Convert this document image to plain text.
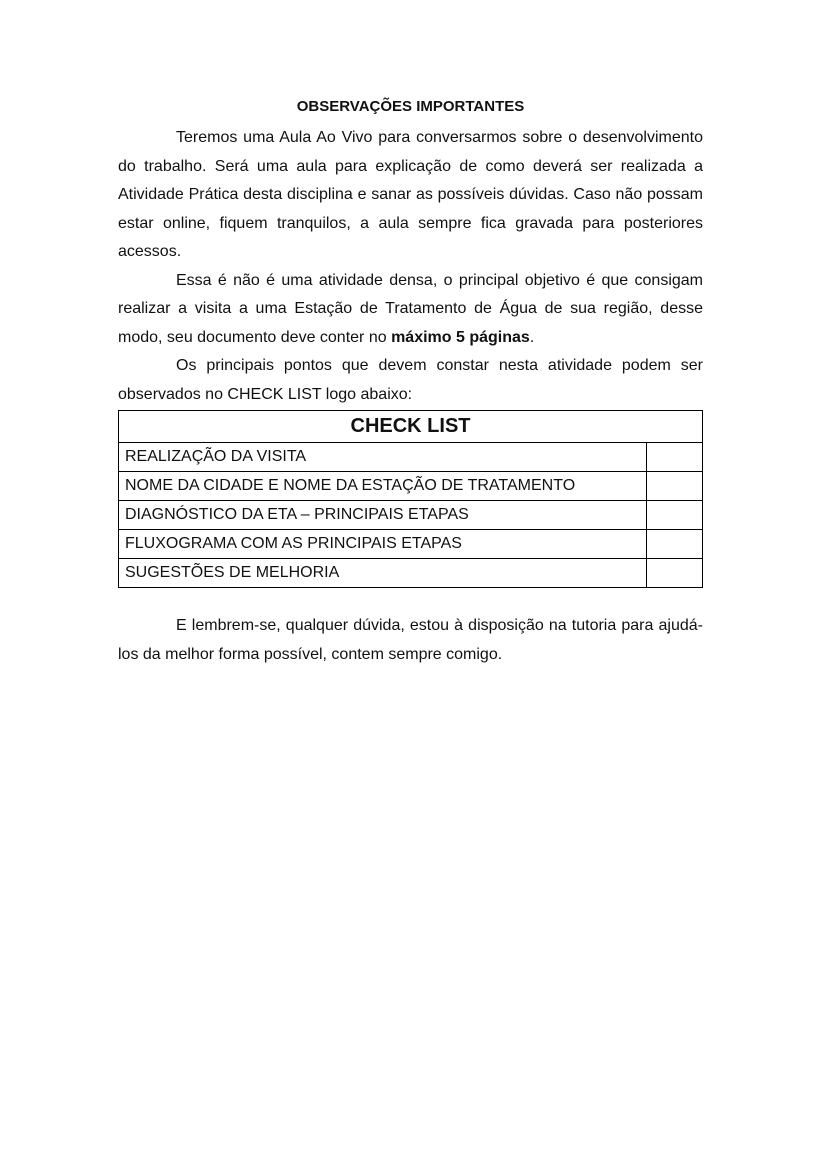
OBSERVAÇÕES IMPORTANTES

Teremos uma Aula Ao Vivo para conversarmos sobre o desenvolvimento do trabalho. Será uma aula para explicação de como deverá ser realizada a Atividade Prática desta disciplina e sanar as possíveis dúvidas. Caso não possam estar online, fiquem tranquilos, a aula sempre fica gravada para posteriores acessos.

Essa é não é uma atividade densa, o principal objetivo é que consigam realizar a visita a uma Estação de Tratamento de Água de sua região, desse modo, seu documento deve conter no máximo 5 páginas.

Os principais pontos que devem constar nesta atividade podem ser observados no CHECK LIST logo abaixo:

CHECK LIST	
REALIZAÇÃO DA VISITA	
NOME DA CIDADE E NOME DA ESTAÇÃO DE TRATAMENTO	
DIAGNÓSTICO DA ETA – PRINCIPAIS ETAPAS	
FLUXOGRAMA COM AS PRINCIPAIS ETAPAS	
SUGESTÕES DE MELHORIA	

E lembrem-se, qualquer dúvida, estou à disposição na tutoria para ajudá-los da melhor forma possível, contem sempre comigo.
